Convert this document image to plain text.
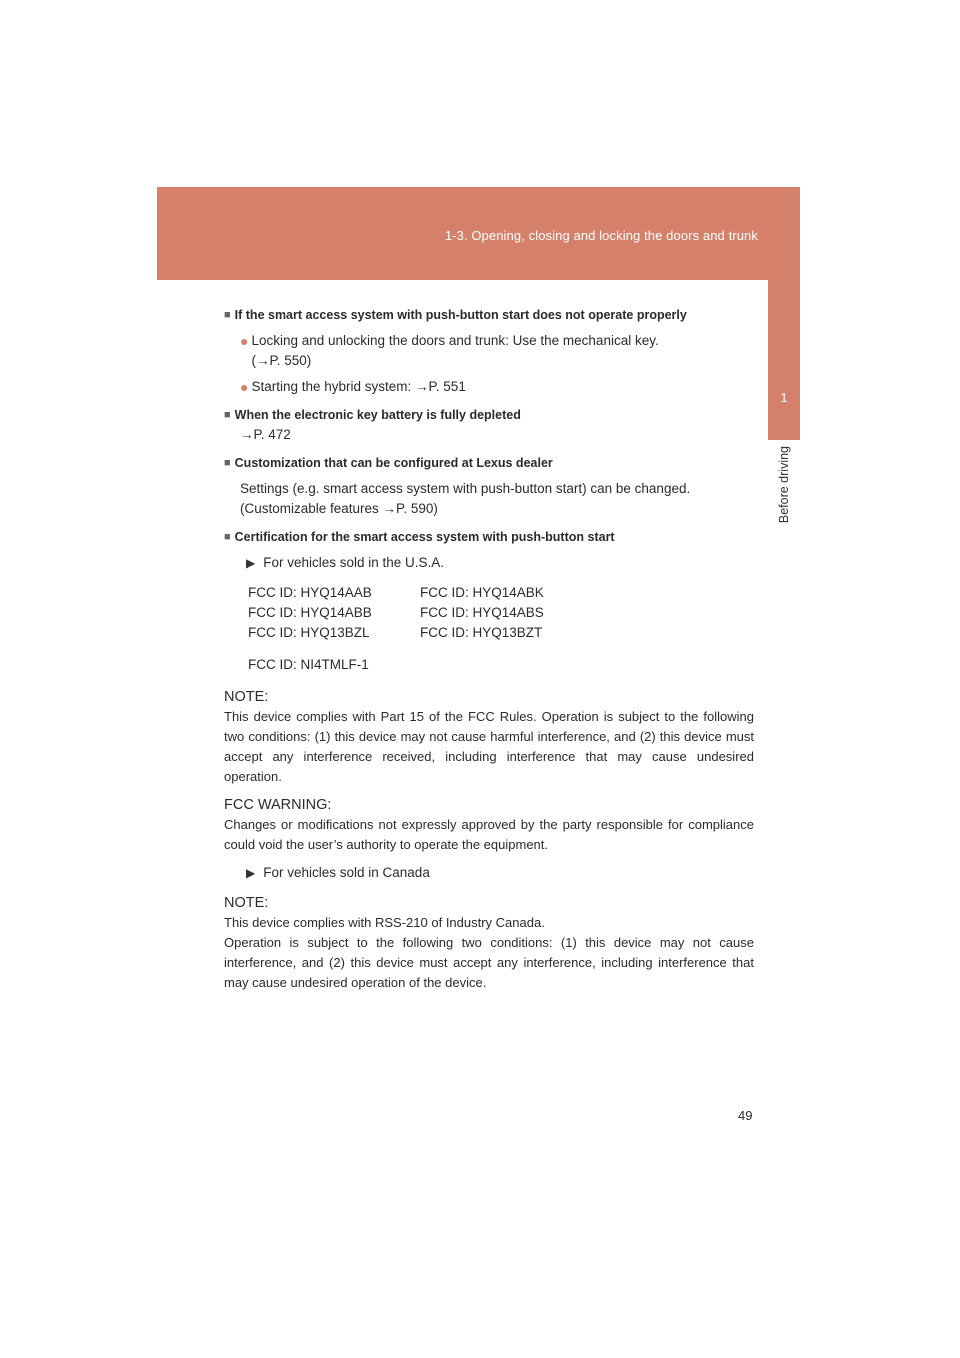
1-3. Opening, closing and locking the doors and trunk
1
Before driving
■ If the smart access system with push-button start does not operate properly
● Locking and unlocking the doors and trunk: Use the mechanical key.
(→P. 550)
● Starting the hybrid system: →P. 551
■ When the electronic key battery is fully depleted
→P. 472
■ Customization that can be configured at Lexus dealer
Settings (e.g. smart access system with push-button start) can be changed.
(Customizable features →P. 590)
■ Certification for the smart access system with push-button start
▶ For vehicles sold in the U.S.A.
FCC ID: HYQ14AAB	FCC ID: HYQ14ABK
FCC ID: HYQ14ABB	FCC ID: HYQ14ABS
FCC ID: HYQ13BZL	FCC ID: HYQ13BZT
FCC ID: NI4TMLF-1
NOTE:

This device complies with Part 15 of the FCC Rules. Operation is subject to the following two conditions: (1) this device may not cause harmful interference, and (2) this device must accept any interference received, including interference that may cause undesired operation.

FCC WARNING:

Changes or modifications not expressly approved by the party responsible for compliance could void the user’s authority to operate the equipment.

▶ For vehicles sold in Canada
NOTE:

This device complies with RSS-210 of Industry Canada.

Operation is subject to the following two conditions: (1) this device may not cause interference, and (2) this device must accept any interference, including interference that may cause undesired operation of the device.

49
